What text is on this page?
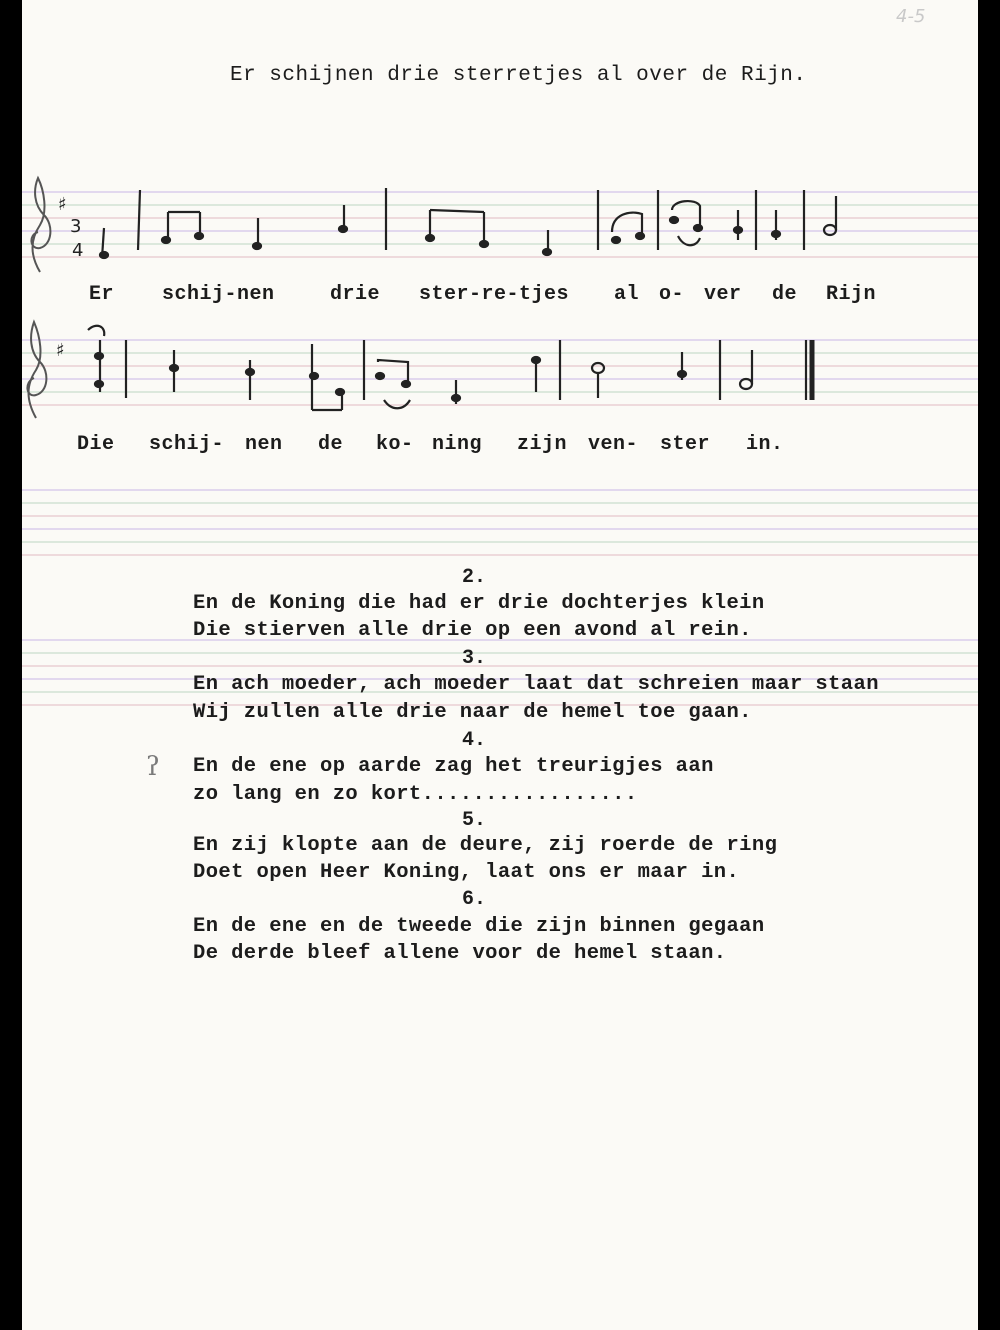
4-5
Er schijnen drie sterretjes al over de Rijn.
♯
3
4
♯
Er schij-nen	drie ster-re-tjes al o- ver de Rijn
Die schij- nen de ko- ning zijn ven- ster in.
2.
En de Koning die had er drie dochterjes klein
Die stierven alle drie op een avond al rein.
3.
En ach moeder, ach moeder laat dat schreien maar staan
Wij zullen alle drie naar de hemel toe gaan.
4.
En de ene op aarde zag het treurigjes aan
zo lang en zo kort.................
5.
En zij klopte aan de deure, zij roerde de ring
Doet open Heer Koning, laat ons er maar in.
6.
En de ene en de tweede die zijn binnen gegaan
De derde bleef allene voor de hemel staan.
ʔ
